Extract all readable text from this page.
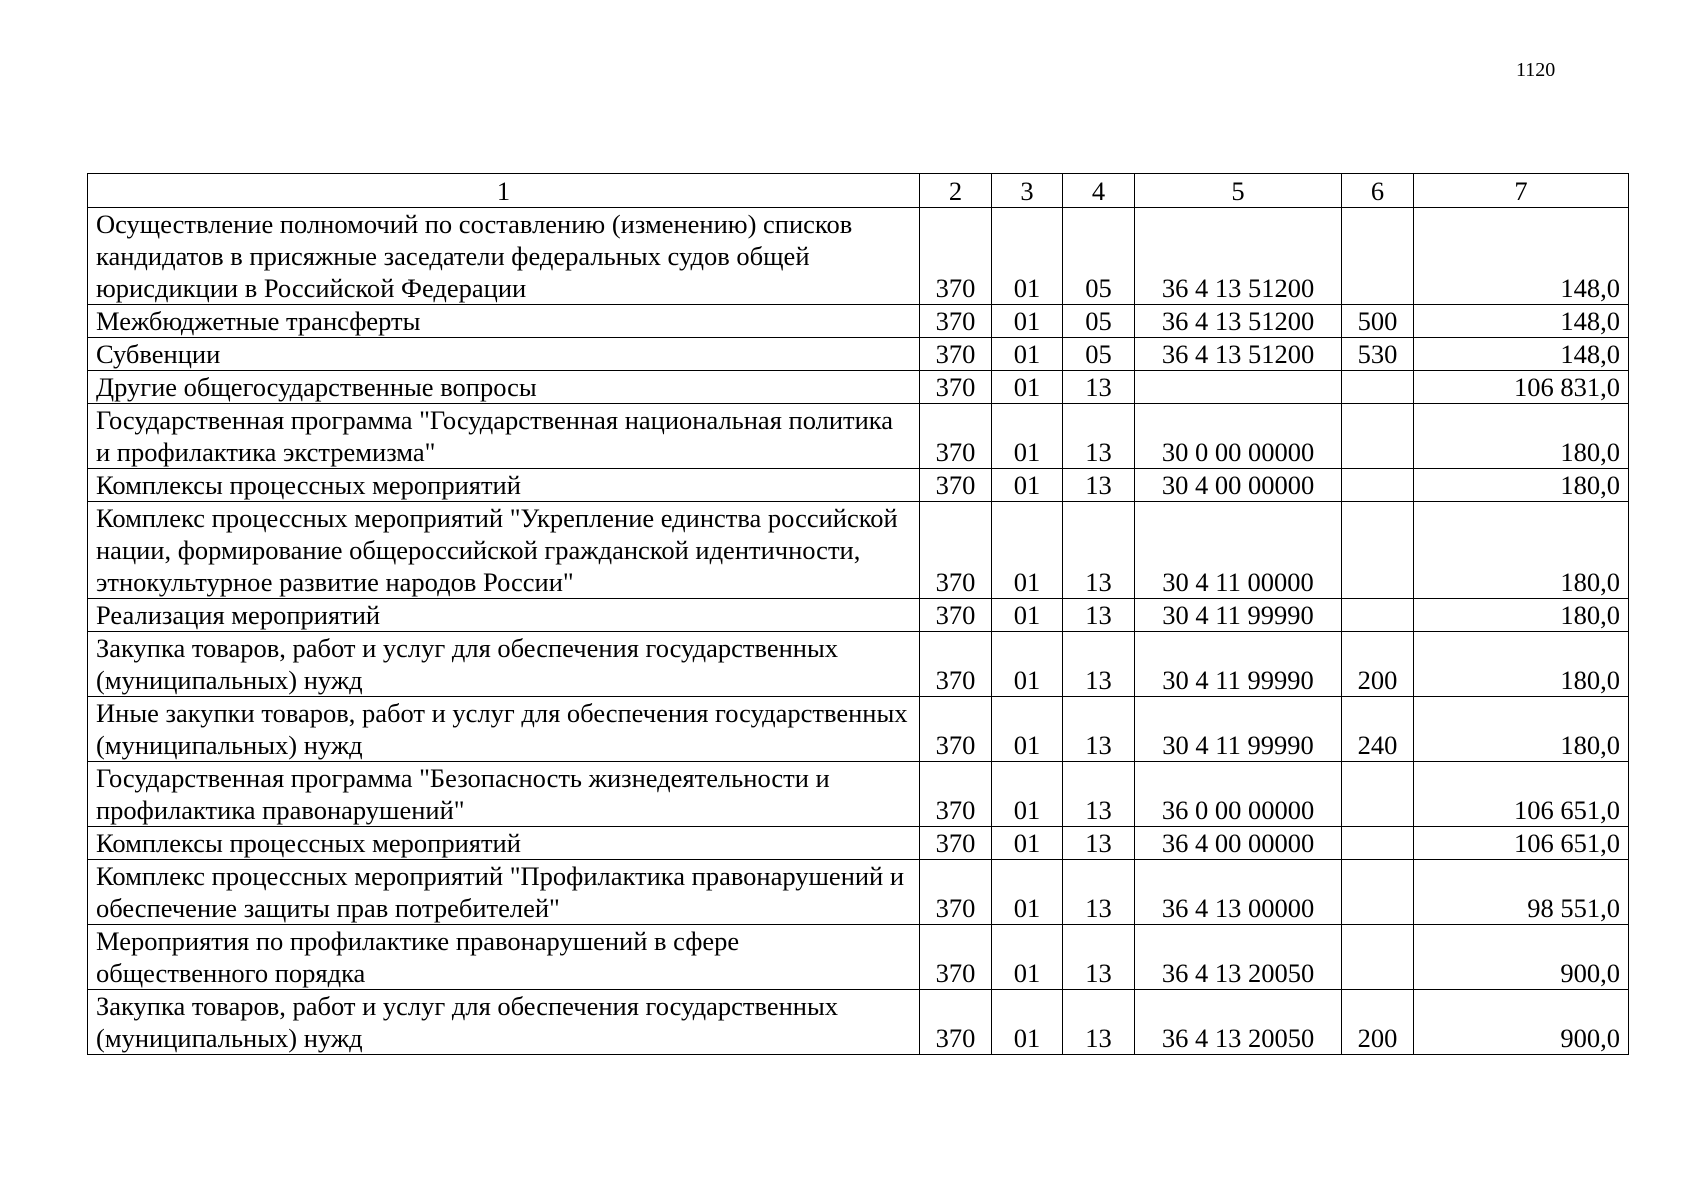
1120
1	2	3	4	5	6	7
Осуществление полномочий по составлению (изменению) списков кандидатов в присяжные заседатели федеральных судов общей юрисдикции в Российской Федерации	370	01	05	36 4 13 51200		148,0
Межбюджетные трансферты	370	01	05	36 4 13 51200	500	148,0
Субвенции	370	01	05	36 4 13 51200	530	148,0
Другие общегосударственные вопросы	370	01	13			106 831,0
Государственная программа "Государственная национальная политика и профилактика экстремизма"	370	01	13	30 0 00 00000		180,0
Комплексы процессных мероприятий	370	01	13	30 4 00 00000		180,0
Комплекс процессных мероприятий "Укрепление единства российской нации, формирование общероссийской гражданской идентичности, этнокультурное развитие народов России"	370	01	13	30 4 11 00000		180,0
Реализация мероприятий	370	01	13	30 4 11 99990		180,0
Закупка товаров, работ и услуг для обеспечения государственных (муниципальных) нужд	370	01	13	30 4 11 99990	200	180,0
Иные закупки товаров, работ и услуг для обеспечения государственных (муниципальных) нужд	370	01	13	30 4 11 99990	240	180,0
Государственная программа "Безопасность жизнедеятельности и профилактика правонарушений"	370	01	13	36 0 00 00000		106 651,0
Комплексы процессных мероприятий	370	01	13	36 4 00 00000		106 651,0
Комплекс процессных мероприятий "Профилактика правонарушений и обеспечение защиты прав потребителей"	370	01	13	36 4 13 00000		98 551,0
Мероприятия по профилактике правонарушений в сфере общественного порядка	370	01	13	36 4 13 20050		900,0
Закупка товаров, работ и услуг для обеспечения государственных (муниципальных) нужд	370	01	13	36 4 13 20050	200	900,0
